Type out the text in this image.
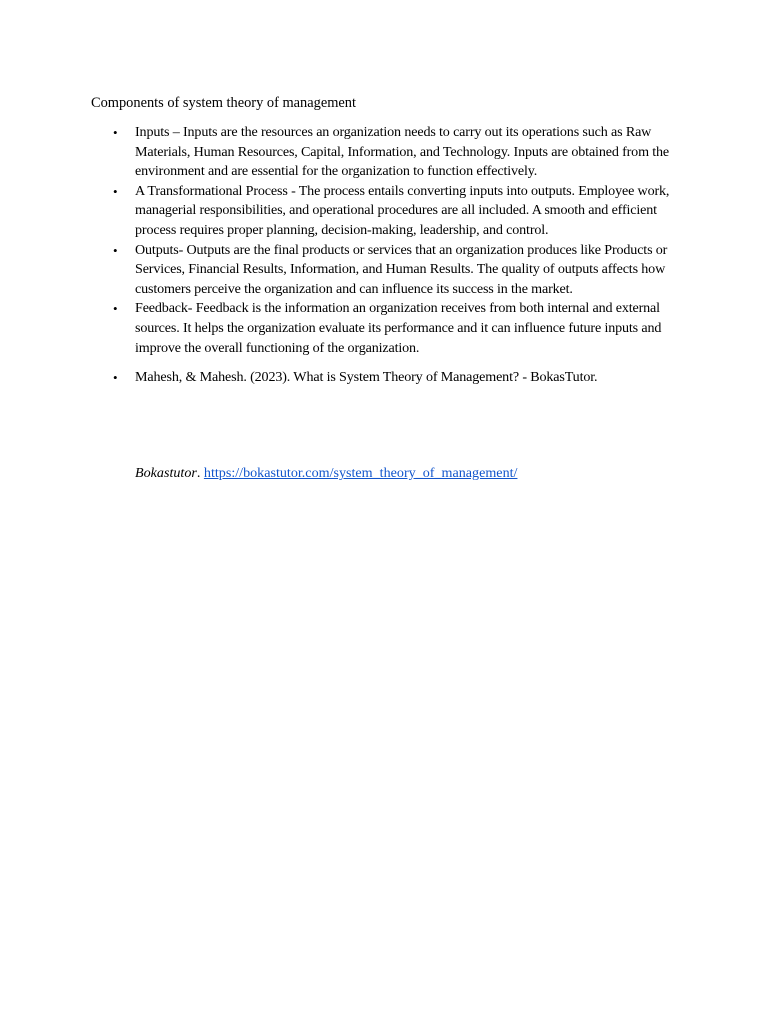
Components of system theory of management
• Inputs – Inputs are the resources an organization needs to carry out its operations such as Raw Materials, Human Resources, Capital, Information, and Technology. Inputs are obtained from the environment and are essential for the organization to function effectively.
• A Transformational Process - The process entails converting inputs into outputs. Employee work, managerial responsibilities, and operational procedures are all included. A smooth and efficient process requires proper planning, decision-making, leadership, and control.
• Outputs- Outputs are the final products or services that an organization produces like Products or Services, Financial Results, Information, and Human Results. The quality of outputs affects how customers perceive the organization and can influence its success in the market.
• Feedback- Feedback is the information an organization receives from both internal and external sources. It helps the organization evaluate its performance and it can influence future inputs and improve the overall functioning of the organization.
• Mahesh, & Mahesh. (2023). What is System Theory of Management? - BokasTutor.
Bokastutor. https://bokastutor.com/system_theory_of_management/
